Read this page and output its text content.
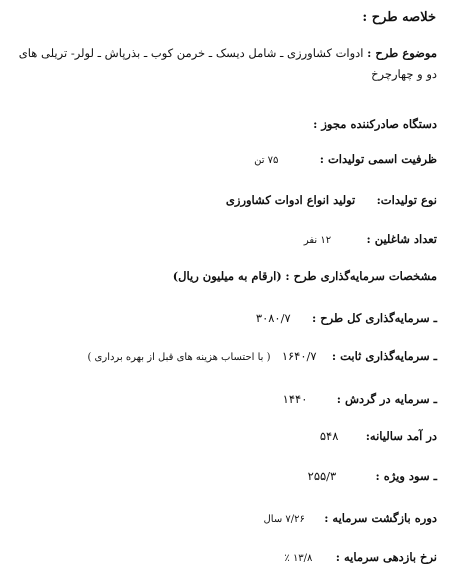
خلاصه طرح :
موضوع طرح : ادوات کشاورزی ـ شامل دیسک ـ خرمن کوب ـ بذرپاش ـ لولر- تریلی های دو و چهارچرخ
دستگاه صادرکننده مجوز :
ظرفیت اسمی تولیدات :  ۷۵ تن
نوع تولیدات:  تولید انواع ادوات کشاورزی
تعداد شاغلین :  ۱۲ نفر
مشخصات سرمایه‌گذاری طرح : (ارقام به میلیون ریال)
ـ سرمایه‌گذاری کل طرح :  ۳۰۸۰/۷
ـ سرمایه‌گذاری ثابت :  ۱۶۴۰/۷  ( با احتساب هزینه های قبل از بهره برداری )
ـ سرمایه در گردش :  ۱۴۴۰
در آمد سالیانه:  ۵۴۸
ـ سود ویژه :  ۲۵۵/۳
دوره بازگشت سرمایه :  ۷/۲۶ سال
نرخ بازدهی سرمایه :  ۱۳/۸ ٪
